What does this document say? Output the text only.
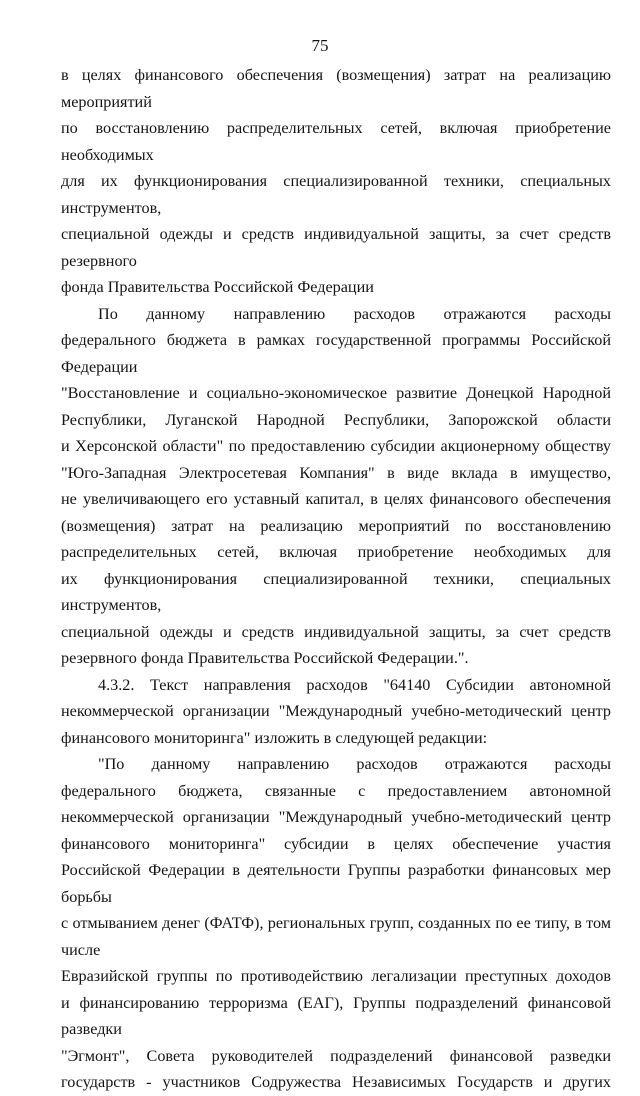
75

в целях финансового обеспечения (возмещения) затрат на реализацию мероприятий

по восстановлению распределительных сетей, включая приобретение необходимых

для их функционирования специализированной техники, специальных инструментов,

специальной одежды и средств индивидуальной защиты, за счет средств резервного

фонда Правительства Российской Федерации

По данному направлению расходов отражаются расходы

федерального бюджета в рамках государственной программы Российской Федерации

"Восстановление и социально-экономическое развитие Донецкой Народной

Республики, Луганской Народной Республики, Запорожской области

и Херсонской области" по предоставлению субсидии акционерному обществу

"Юго-Западная Электросетевая Компания" в виде вклада в имущество,

не увеличивающего его уставный капитал, в целях финансового обеспечения

(возмещения) затрат на реализацию мероприятий по восстановлению

распределительных сетей, включая приобретение необходимых для

их функционирования специализированной техники, специальных инструментов,

специальной одежды и средств индивидуальной защиты, за счет средств

резервного фонда Правительства Российской Федерации.".

4.3.2. Текст направления расходов "64140 Субсидии автономной

некоммерческой организации "Международный учебно-методический центр

финансового мониторинга" изложить в следующей редакции:

"По данному направлению расходов отражаются расходы

федерального бюджета, связанные с предоставлением автономной

некоммерческой организации "Международный учебно-методический центр

финансового мониторинга" субсидии в целях обеспечение участия

Российской Федерации в деятельности Группы разработки финансовых мер борьбы

с отмыванием денег (ФАТФ), региональных групп, созданных по ее типу, в том числе

Евразийской группы по противодействию легализации преступных доходов

и финансированию терроризма (ЕАГ), Группы подразделений финансовой разведки

"Эгмонт", Совета руководителей подразделений финансовой разведки

государств - участников Содружества Независимых Государств и других
